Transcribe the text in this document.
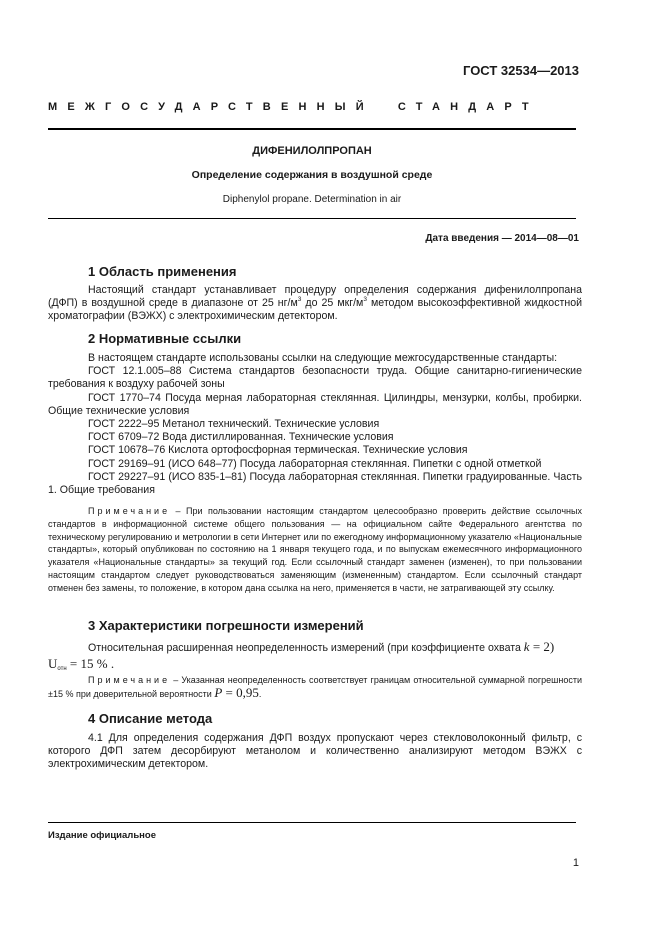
ГОСТ 32534—2013
МЕЖГОСУДАРСТВЕННЫЙ СТАНДАРТ
ДИФЕНИЛОЛПРОПАН
Определение содержания в воздушной среде
Diphenylol propane. Determination in air
Дата введения — 2014—08—01
1 Область применения

Настоящий стандарт устанавливает процедуру определения содержания дифенилолпропана (ДФП) в воздушной среде в диапазоне от 25 $нг/м^3$ до 25 мкг/$м^3$ методом высокоэффективной жидкостной хроматографии (ВЭЖХ) с электрохимическим детектором.

2 Нормативные ссылки

В настоящем стандарте использованы ссылки на следующие межгосударственные стандарты:

ГОСТ 12.1.005–88 Система стандартов безопасности труда. Общие санитарно-гигиенические требования к воздуху рабочей зоны

ГОСТ 1770–74 Посуда мерная лабораторная стеклянная. Цилиндры, мензурки, колбы, пробирки. Общие технические условия

ГОСТ 2222–95 Метанол технический. Технические условия

ГОСТ 6709–72 Вода дистиллированная. Технические условия

ГОСТ 10678–76 Кислота ортофосфорная термическая. Технические условия

ГОСТ 29169–91 (ИСО 648–77) Посуда лабораторная стеклянная. Пипетки с одной отметкой

ГОСТ 29227–91 (ИСО 835-1–81) Посуда лабораторная стеклянная. Пипетки градуированные. Часть 1. Общие требования

Примечание – При пользовании настоящим стандартом целесообразно проверить действие ссылочных стандартов в информационной системе общего пользования — на официальном сайте Федерального агентства по техническому регулированию и метрологии в сети Интернет или по ежегодному информационному указателю «Национальные стандарты», который опубликован по состоянию на 1 января текущего года, и по выпускам ежемесячного информационного указателя «Национальные стандарты» за текущий год. Если ссылочный стандарт заменен (изменен), то при пользовании настоящим стандартом следует руководствоваться заменяющим (измененным) стандартом. Если ссылочный стандарт отменен без замены, то положение, в котором дана ссылка на него, применяется в части, не затрагивающей эту ссылку.

3 Характеристики погрешности измерений

Относительная расширенная неопределенность измерений (при коэффициенте охвата k = 2)

$U_{отн} = 15$ % .

Примечание – Указанная неопределенность соответствует границам относительной суммарной погрешности ±15 % при доверительной вероятности P = 0,95.

4 Описание метода

4.1 Для определения содержания ДФП воздух пропускают через стекловолоконный фильтр, с которого ДФП затем десорбируют метанолом и количественно анализируют методом ВЭЖХ с электрохимическим детектором.

Издание официальное
1
